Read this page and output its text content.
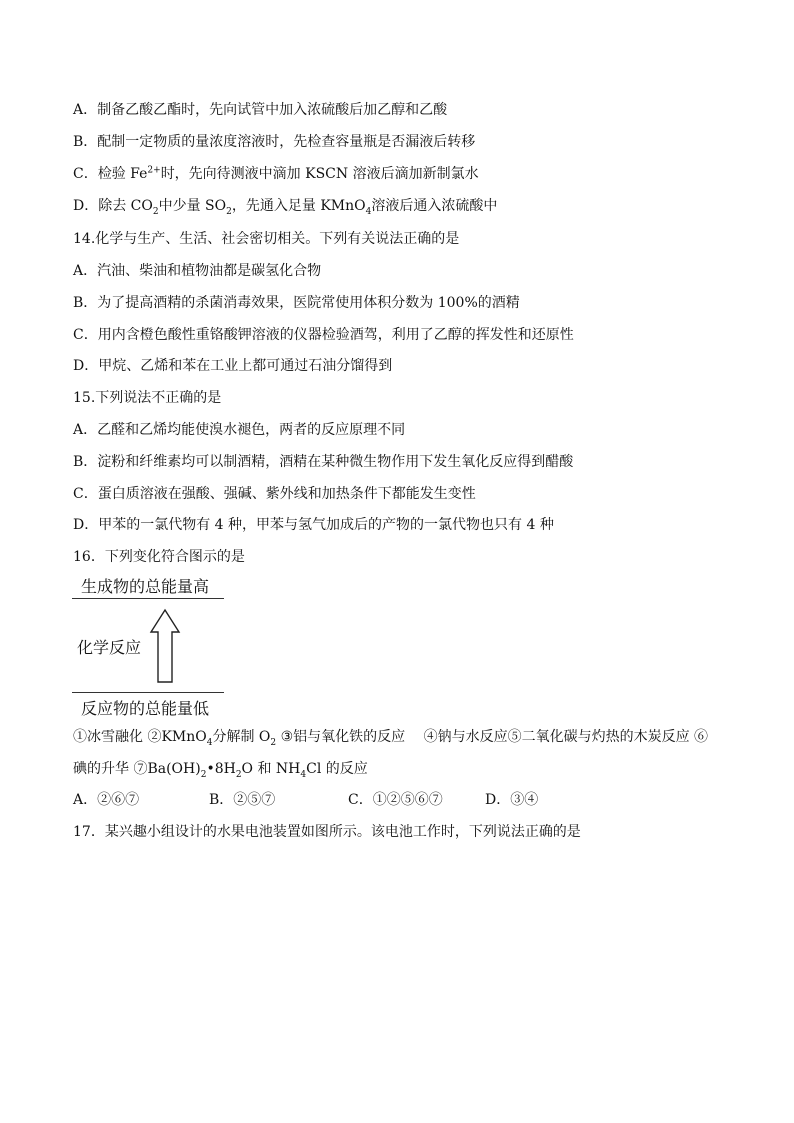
A．制备乙酸乙酯时，先向试管中加入浓硫酸后加乙醇和乙酸
B．配制一定物质的量浓度溶液时，先检查容量瓶是否漏液后转移
C．检验 $Fe^{2+}$时，先向待测液中滴加 KSCN 溶液后滴加新制氯水
D．除去 $CO_2$中少量 $SO_2$，先通入足量 KMnO$_4$溶液后通入浓硫酸中
14.化学与生产、生活、社会密切相关。下列有关说法正确的是
A．汽油、柴油和植物油都是碳氢化合物
B．为了提高酒精的杀菌消毒效果，医院常使用体积分数为 100%的酒精
C．用内含橙色酸性重铬酸钾溶液的仪器检验酒驾，利用了乙醇的挥发性和还原性
D．甲烷、乙烯和苯在工业上都可通过石油分馏得到
15.下列说法不正确的是
A．乙醛和乙烯均能使溴水褪色，两者的反应原理不同
B．淀粉和纤维素均可以制酒精，酒精在某种微生物作用下发生氧化反应得到醋酸
C．蛋白质溶液在强酸、强碱、紫外线和加热条件下都能发生变性
D．甲苯的一氯代物有 4 种，甲苯与氢气加成后的产物的一氯代物也只有 4 种
16．下列变化符合图示的是
生成物的总能量高
化学反应
反应物的总能量低
①冰雪融化 ②KMnO$_4$分解制 $O_2$ ③铝与氧化铁的反应　 ④钠与水反应⑤二氧化碳与灼热的木炭反应 ⑥
碘的升华 $⑦Ba(OH)_2•8H_2O$ 和 $NH_4Cl$ 的反应
A．②⑥⑦	B．②⑤⑦	C．①②⑤⑥⑦	D．③④
17．某兴趣小组设计的水果电池装置如图所示。该电池工作时，下列说法正确的是
